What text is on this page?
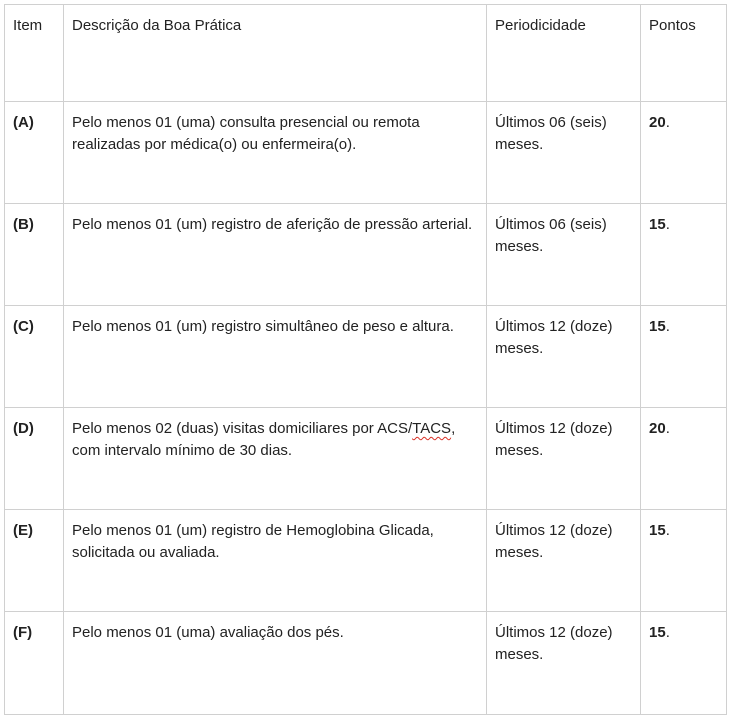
Item	Descrição da Boa Prática	Periodicidade	Pontos
(A)	Pelo menos 01 (uma) consulta presencial ou remota realizadas por médica(o) ou enfermeira(o).	Últimos 06 (seis) meses.	20.
(B)	Pelo menos 01 (um) registro de aferição de pressão arterial.	Últimos 06 (seis) meses.	15.
(C)	Pelo menos 01 (um) registro simultâneo de peso e altura.	Últimos 12 (doze) meses.	15.
(D)	Pelo menos 02 (duas) visitas domiciliares por ACS/TACS, com intervalo mínimo de 30 dias.	Últimos 12 (doze) meses.	20.
(E)	Pelo menos 01 (um) registro de Hemoglobina Glicada, solicitada ou avaliada.	Últimos 12 (doze) meses.	15.
(F)	Pelo menos 01 (uma) avaliação dos pés.	Últimos 12 (doze) meses.	15.
